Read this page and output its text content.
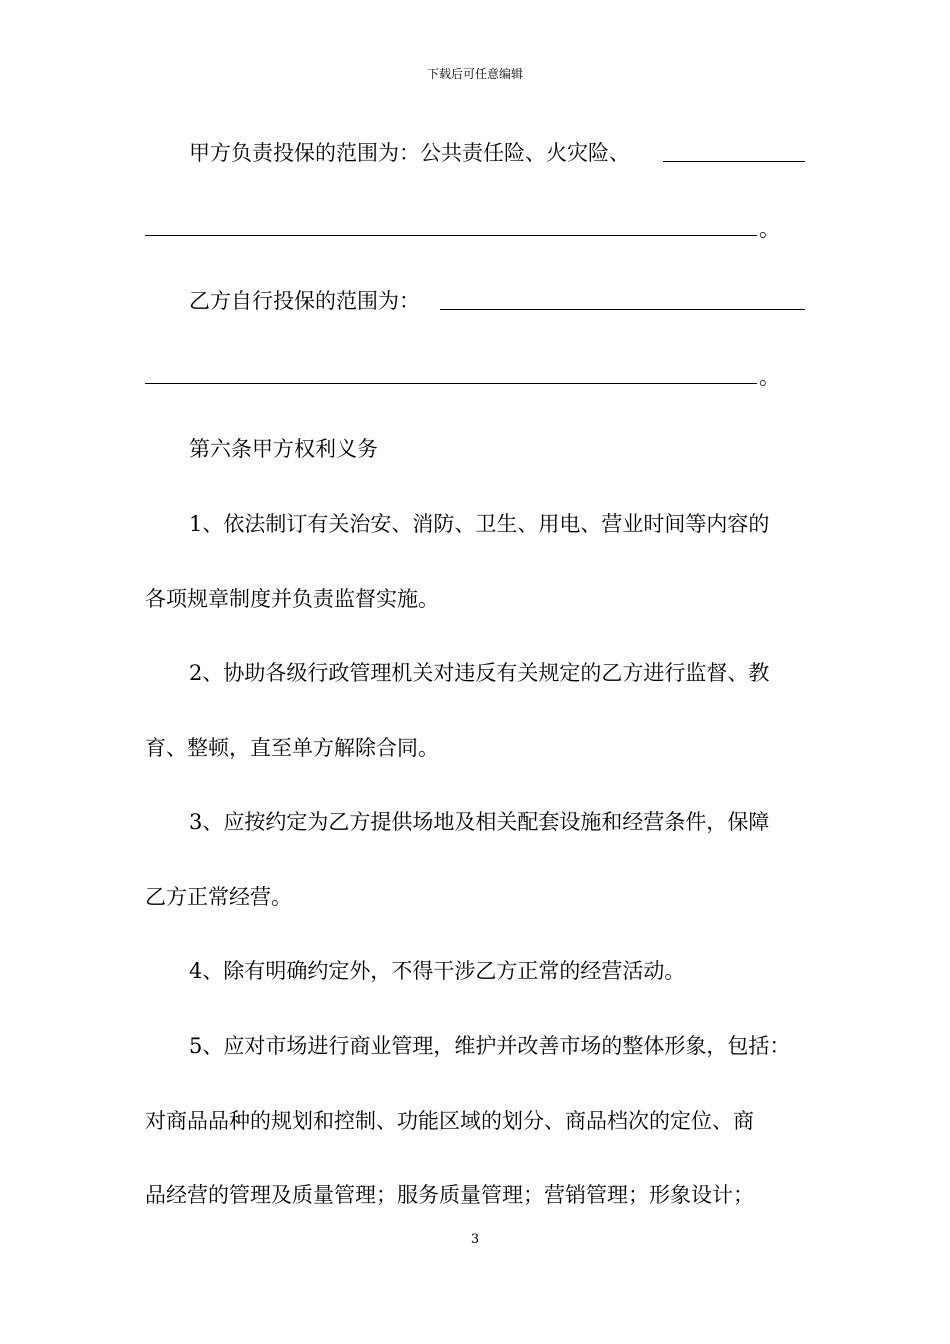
下载后可任意编辑
甲方负责投保的范围为：公共责任险、火灾险、
。
乙方自行投保的范围为：
。
第六条甲方权利义务
1、依法制订有关治安、消防、卫生、用电、营业时间等内容的
各项规章制度并负责监督实施。
2、协助各级行政管理机关对违反有关规定的乙方进行监督、教
育、整顿，直至单方解除合同。
3、应按约定为乙方提供场地及相关配套设施和经营条件，保障
乙方正常经营。
4、除有明确约定外，不得干涉乙方正常的经营活动。
5、应对市场进行商业管理，维护并改善市场的整体形象，包括：
对商品品种的规划和控制、功能区域的划分、商品档次的定位、商
品经营的管理及质量管理；服务质量管理；营销管理；形象设计；
3
